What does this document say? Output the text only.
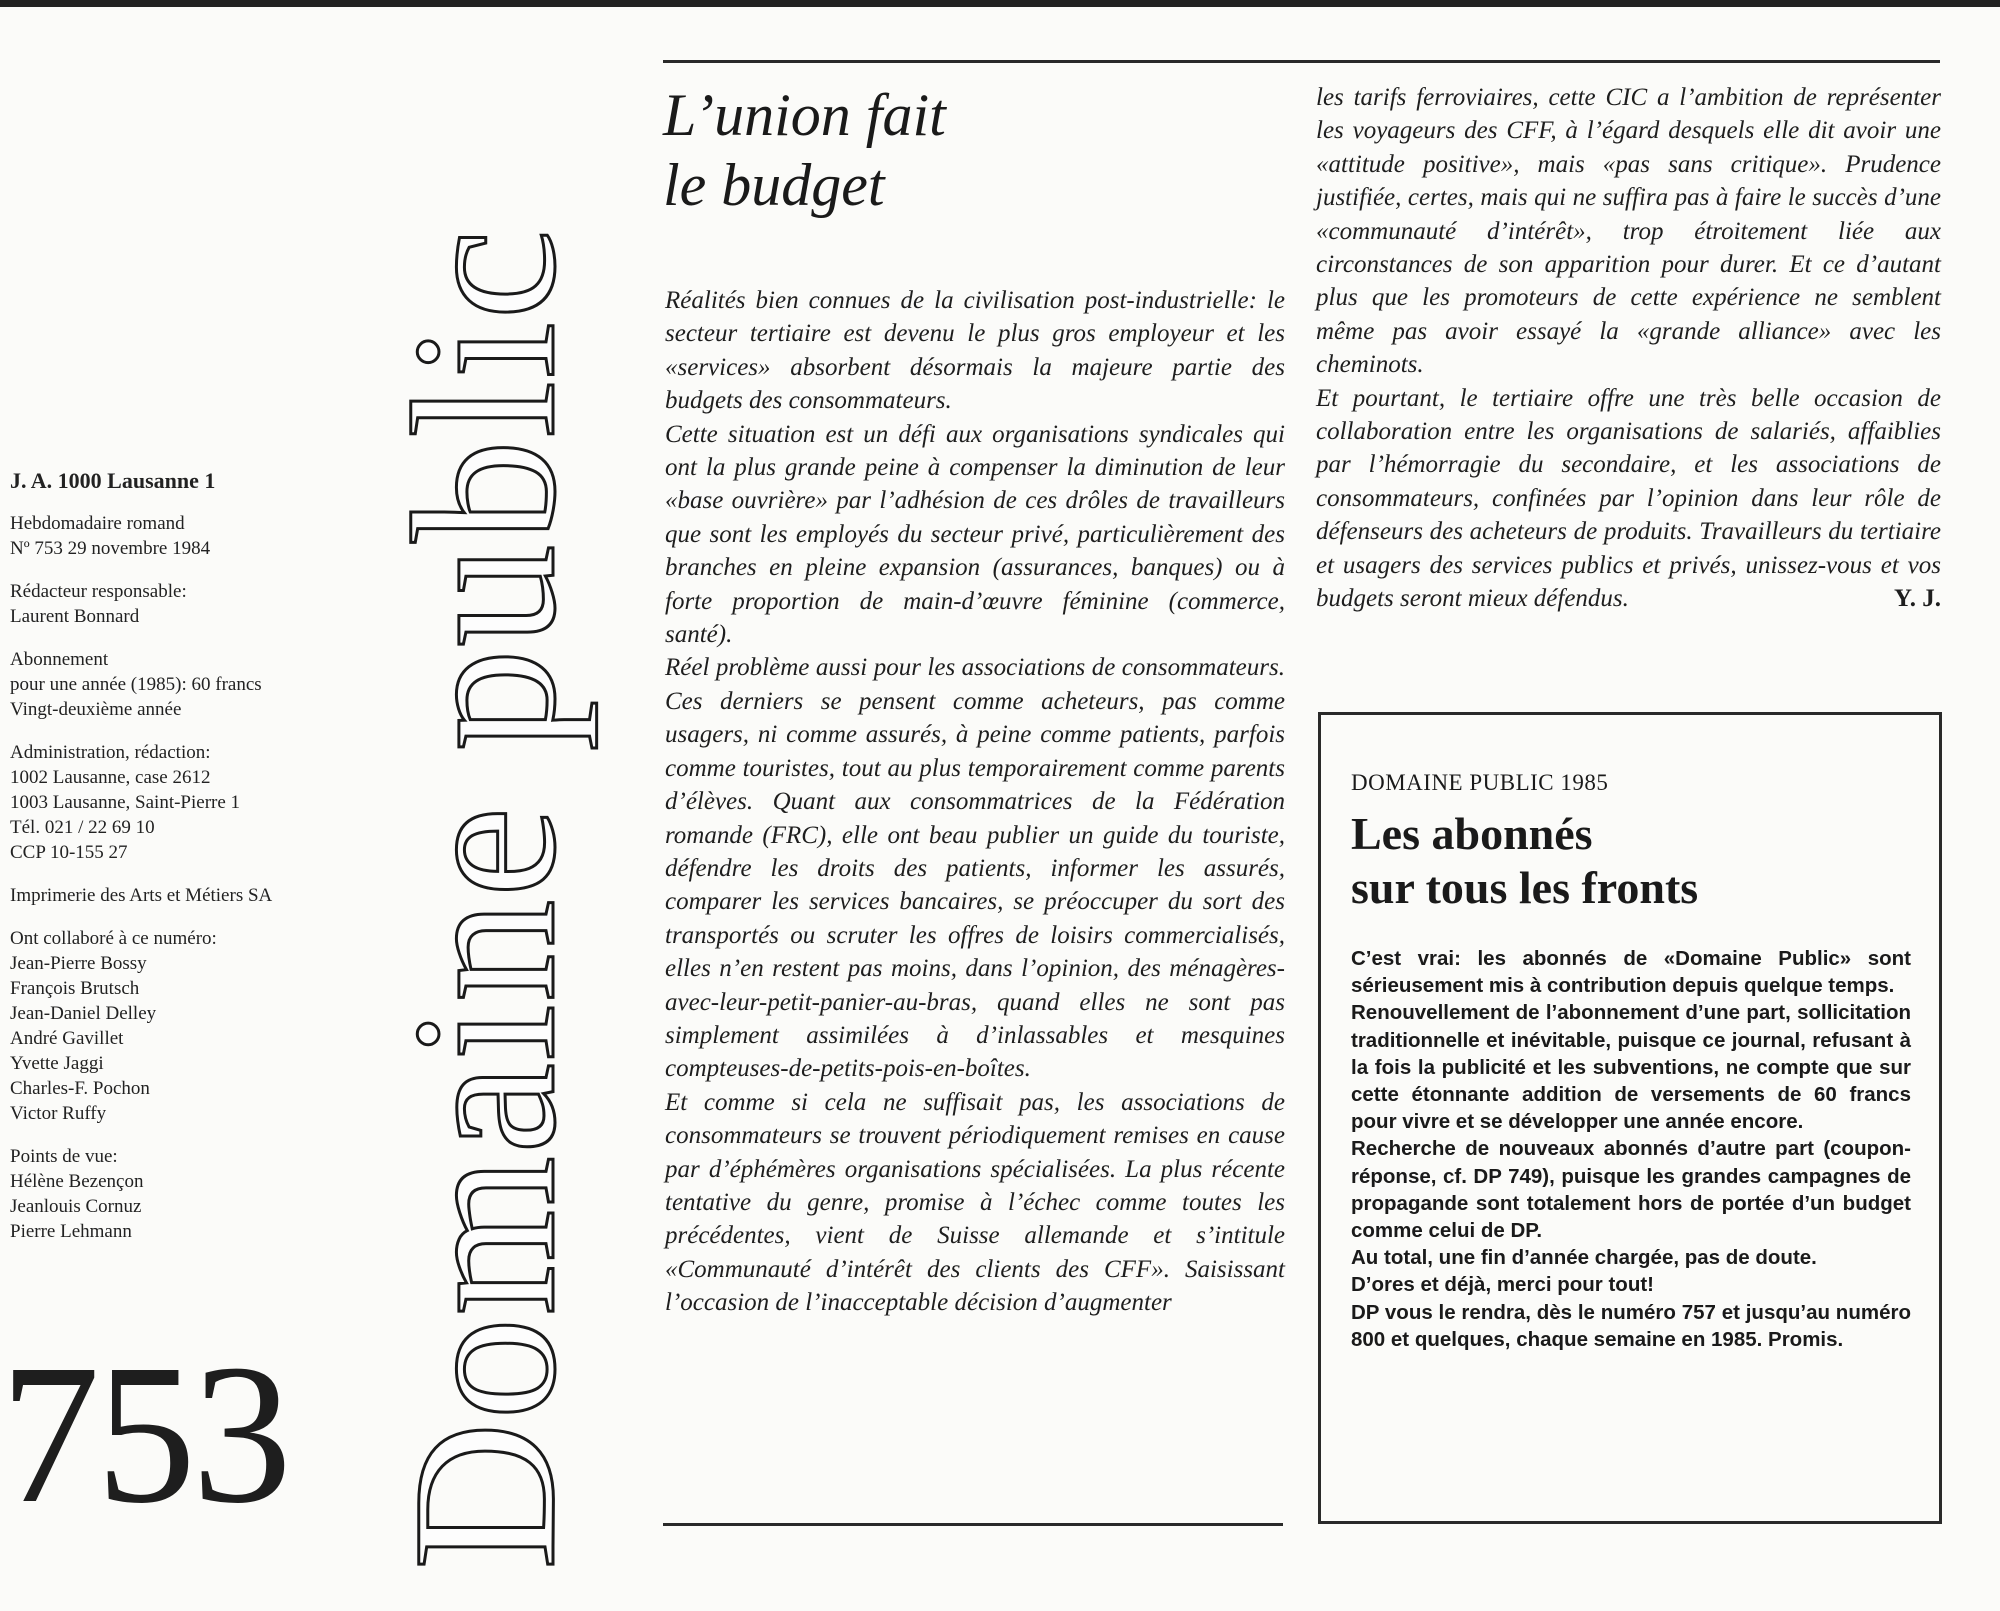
J. A. 1000 Lausanne 1
Hebdomadaire romand
Nº 753 29 novembre 1984
Rédacteur responsable:
Laurent Bonnard
Abonnement
pour une année (1985): 60 francs
Vingt-deuxième année
Administration, rédaction:
1002 Lausanne, case 2612
1003 Lausanne, Saint-Pierre 1
Tél. 021 / 22 69 10
CCP 10-155 27
Imprimerie des Arts et Métiers SA
Ont collaboré à ce numéro:
Jean-Pierre Bossy
François Brutsch
Jean-Daniel Delley
André Gavillet
Yvette Jaggi
Charles-F. Pochon
Victor Ruffy
Points de vue:
Hélène Bezençon
Jeanlouis Cornuz
Pierre Lehmann
753 Domaine public
L’union fait
le budget

Réalités bien connues de la civilisation post-industrielle: le secteur tertiaire est devenu le plus gros employeur et les «services» absorbent désormais la majeure partie des budgets des consommateurs.

Cette situation est un défi aux organisations syndicales qui ont la plus grande peine à compenser la diminution de leur «base ouvrière» par l’adhésion de ces drôles de travailleurs que sont les employés du secteur privé, particulièrement des branches en pleine expansion (assurances, banques) ou à forte proportion de main-d’œuvre féminine (commerce, santé).

Réel problème aussi pour les associations de consommateurs. Ces derniers se pensent comme acheteurs, pas comme usagers, ni comme assurés, à peine comme patients, parfois comme touristes, tout au plus temporairement comme parents d’élèves. Quant aux consommatrices de la Fédération romande (FRC), elle ont beau publier un guide du touriste, défendre les droits des patients, informer les assurés, comparer les services bancaires, se préoccuper du sort des transportés ou scruter les offres de loisirs commercialisés, elles n’en restent pas moins, dans l’opinion, des ménagères-avec-leur-petit-panier-au-bras, quand elles ne sont pas simplement assimilées à d’inlassables et mesquines compteuses-de-petits-pois-en-boîtes.

Et comme si cela ne suffisait pas, les associations de consommateurs se trouvent périodiquement remises en cause par d’éphémères organisations spécialisées. La plus récente tentative du genre, promise à l’échec comme toutes les précédentes, vient de Suisse allemande et s’intitule «Communauté d’intérêt des clients des CFF». Saisissant l’occasion de l’inacceptable décision d’augmenter

les tarifs ferroviaires, cette CIC a l’ambition de représenter les voyageurs des CFF, à l’égard desquels elle dit avoir une «attitude positive», mais «pas sans critique». Prudence justifiée, certes, mais qui ne suffira pas à faire le succès d’une «communauté d’intérêt», trop étroitement liée aux circonstances de son apparition pour durer. Et ce d’autant plus que les promoteurs de cette expérience ne semblent même pas avoir essayé la «grande alliance» avec les cheminots.

Et pourtant, le tertiaire offre une très belle occasion de collaboration entre les organisations de salariés, affaiblies par l’hémorragie du secondaire, et les associations de consommateurs, confinées par l’opinion dans leur rôle de défenseurs des acheteurs de produits. Travailleurs du tertiaire et usagers des services publics et privés, unissez-vous et vos budgets seront mieux défendus.	Y. J.

DOMAINE PUBLIC 1985
Les abonnés
sur tous les fronts

C’est vrai: les abonnés de «Domaine Public» sont sérieusement mis à contribution depuis quelque temps.

Renouvellement de l’abonnement d’une part, sollicitation traditionnelle et inévitable, puisque ce journal, refusant à la fois la publicité et les subventions, ne compte que sur cette étonnante addition de versements de 60 francs pour vivre et se développer une année encore.

Recherche de nouveaux abonnés d’autre part (coupon-réponse, cf. DP 749), puisque les grandes campagnes de propagande sont totalement hors de portée d’un budget comme celui de DP.

Au total, une fin d’année chargée, pas de doute.

D’ores et déjà, merci pour tout!

DP vous le rendra, dès le numéro 757 et jusqu’au numéro 800 et quelques, chaque semaine en 1985. Promis.
